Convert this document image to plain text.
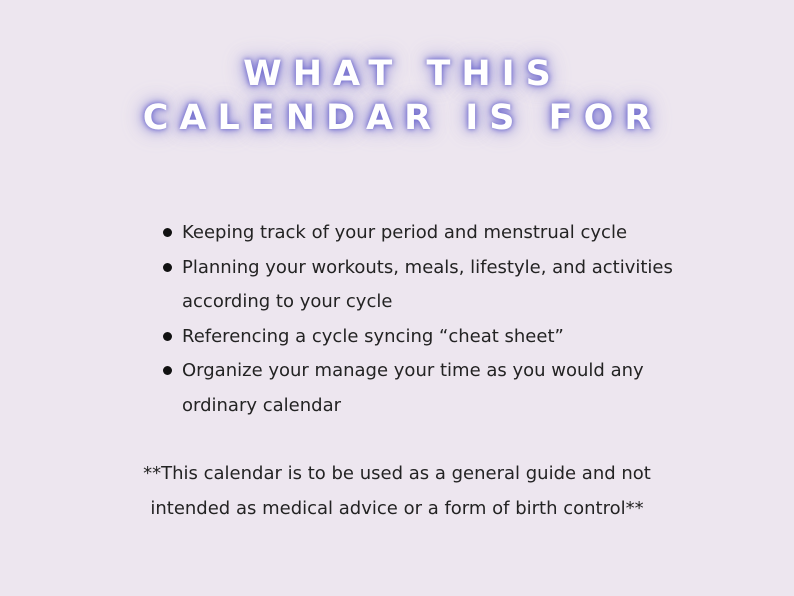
WHAT THIS
CALENDAR IS FOR
Keeping track of your period and menstrual cycle
Planning your workouts, meals, lifestyle, and activities according to your cycle
Referencing a cycle syncing “cheat sheet”
Organize your manage your time as you would any ordinary calendar
**This calendar is to be used as a general guide and not
intended as medical advice or a form of birth control**
